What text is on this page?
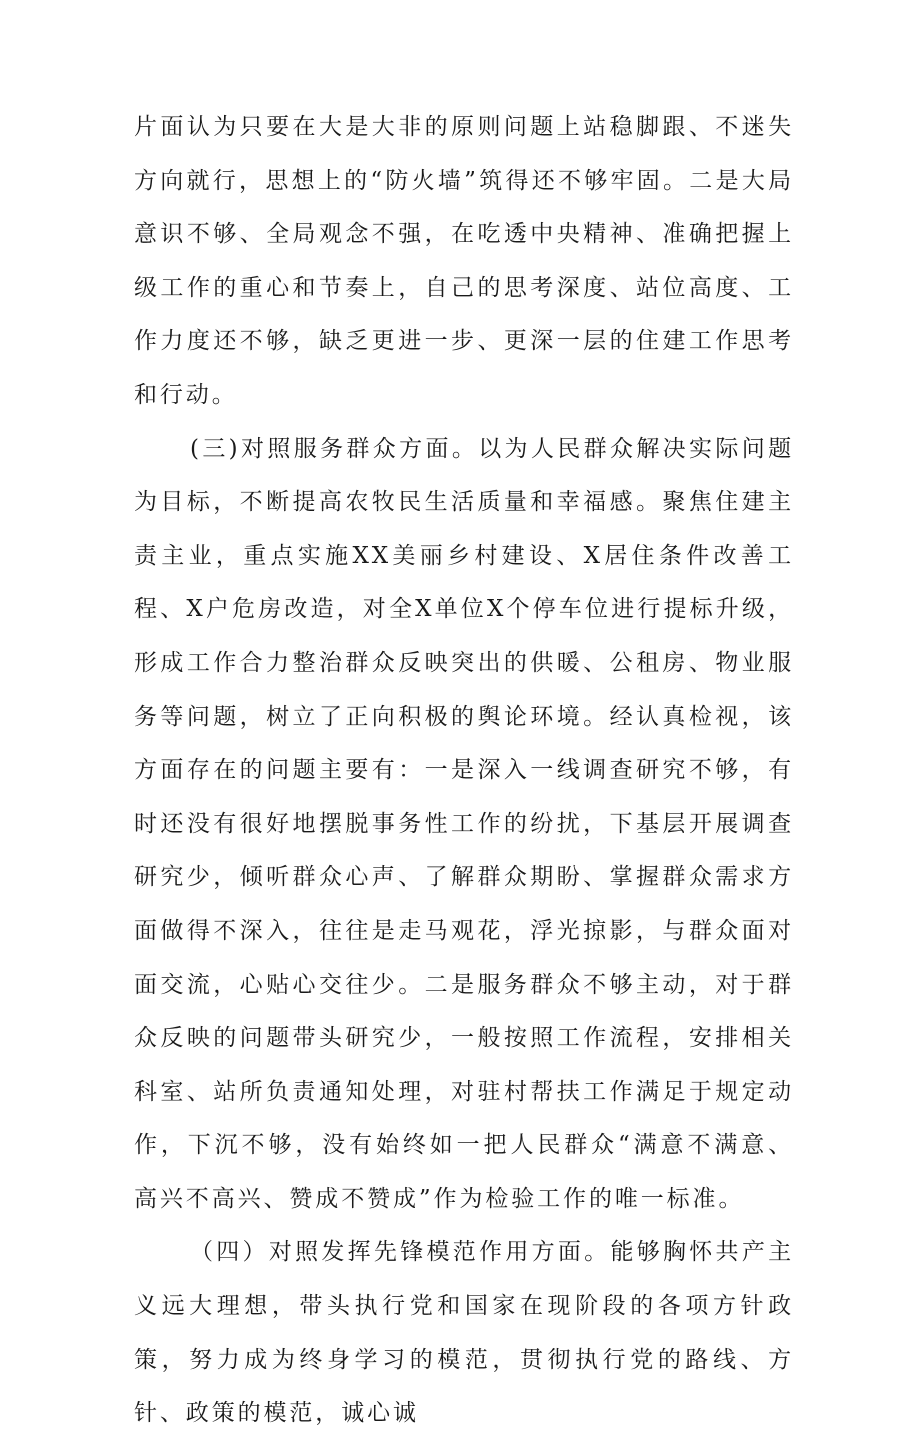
片面认为只要在大是大非的原则问题上站稳脚跟、不迷失方向就行，思想上的“防火墙”筑得还不够牢固。二是大局意识不够、全局观念不强，在吃透中央精神、准确把握上级工作的重心和节奏上，自己的思考深度、站位高度、工作力度还不够，缺乏更进一步、更深一层的住建工作思考和行动。

(三)对照服务群众方面。以为人民群众解决实际问题为目标，不断提高农牧民生活质量和幸福感。聚焦住建主责主业，重点实施XX美丽乡村建设、X居住条件改善工程、X户危房改造，对全X单位X个停车位进行提标升级，形成工作合力整治群众反映突出的供暖、公租房、物业服务等问题，树立了正向积极的舆论环境。经认真检视，该方面存在的问题主要有：一是深入一线调查研究不够，有时还没有很好地摆脱事务性工作的纷扰，下基层开展调查研究少，倾听群众心声、了解群众期盼、掌握群众需求方面做得不深入，往往是走马观花，浮光掠影，与群众面对面交流，心贴心交往少。二是服务群众不够主动，对于群众反映的问题带头研究少，一般按照工作流程，安排相关科室、站所负责通知处理，对驻村帮扶工作满足于规定动作，下沉不够，没有始终如一把人民群众“满意不满意、高兴不高兴、赞成不赞成”作为检验工作的唯一标准。

（四）对照发挥先锋模范作用方面。能够胸怀共产主义远大理想，带头执行党和国家在现阶段的各项方针政策，努力成为终身学习的模范，贯彻执行党的路线、方针、政策的模范，诚心诚
